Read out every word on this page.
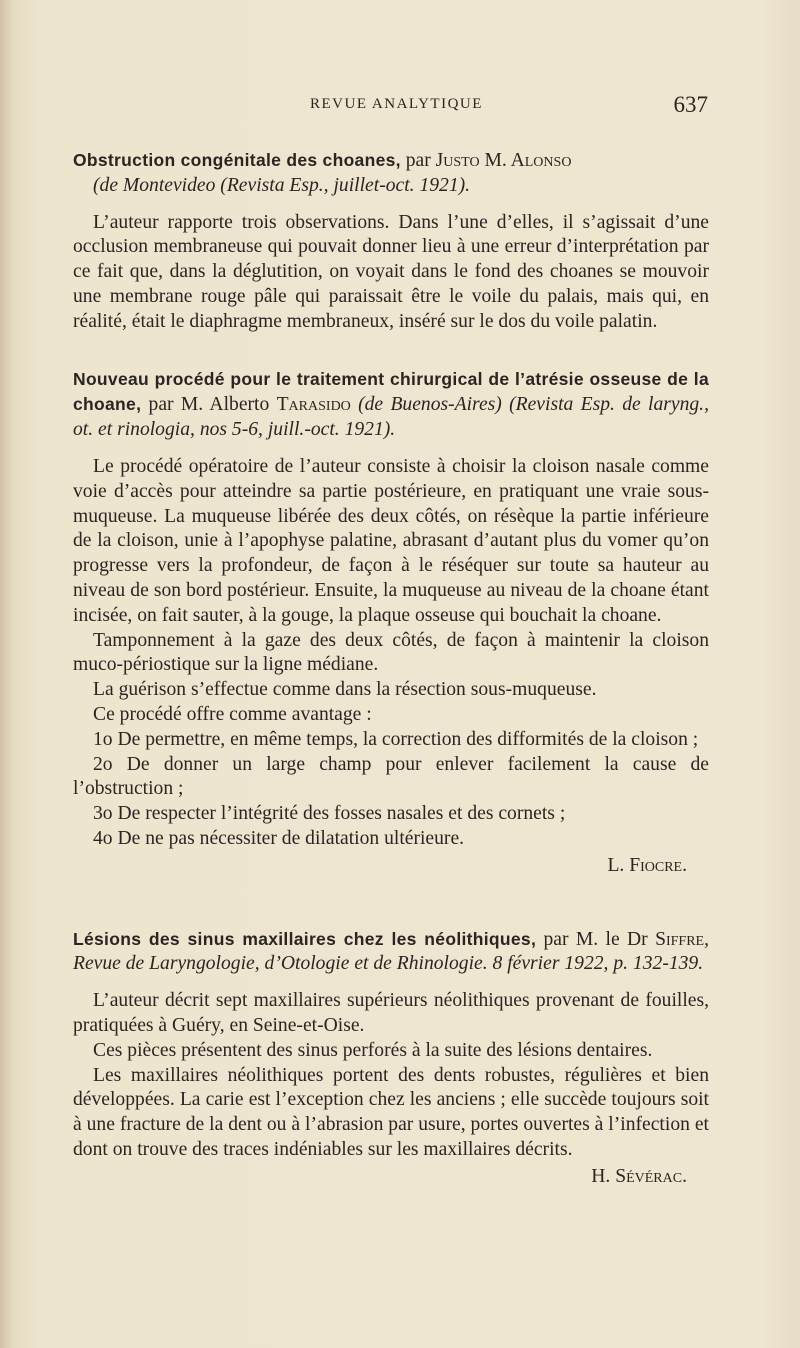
REVUE ANALYTIQUE	637

Obstruction congénitale des choanes, par Justo M. Alonso

(de Montevideo (Revista Esp., juillet-oct. 1921).

L’auteur rapporte trois observations. Dans l’une d’elles, il s’agissait d’une occlusion membraneuse qui pouvait donner lieu à une erreur d’interprétation par ce fait que, dans la déglutition, on voyait dans le fond des choanes se mouvoir une membrane rouge pâle qui paraissait être le voile du palais, mais qui, en réalité, était le diaphragme membraneux, inséré sur le dos du voile palatin.

Nouveau procédé pour le traitement chirurgical de l’atrésie osseuse de la choane, par M. Alberto Tarasido (de Buenos-Aires) (Revista Esp. de laryng., ot. et rinologia, nos 5-6, juill.-oct. 1921).

Le procédé opératoire de l’auteur consiste à choisir la cloison nasale comme voie d’accès pour atteindre sa partie postérieure, en pratiquant une vraie sous-muqueuse. La muqueuse libérée des deux côtés, on résèque la partie inférieure de la cloison, unie à l’apophyse palatine, abrasant d’autant plus du vomer qu’on progresse vers la profondeur, de façon à le réséquer sur toute sa hauteur au niveau de son bord postérieur. Ensuite, la muqueuse au niveau de la choane étant incisée, on fait sauter, à la gouge, la plaque osseuse qui bouchait la choane.

Tamponnement à la gaze des deux côtés, de façon à maintenir la cloison muco-périostique sur la ligne médiane.

La guérison s’effectue comme dans la résection sous-muqueuse.

Ce procédé offre comme avantage :

1o De permettre, en même temps, la correction des difformités de la cloison ;

2o De donner un large champ pour enlever facilement la cause de l’obstruction ;

3o De respecter l’intégrité des fosses nasales et des cornets ;

4o De ne pas nécessiter de dilatation ultérieure.

L. Fiocre.

Lésions des sinus maxillaires chez les néolithiques, par M. le Dr Siffre, Revue de Laryngologie, d’Otologie et de Rhinologie. 8 février 1922, p. 132-139.

L’auteur décrit sept maxillaires supérieurs néolithiques provenant de fouilles, pratiquées à Guéry, en Seine-et-Oise.

Ces pièces présentent des sinus perforés à la suite des lésions dentaires.

Les maxillaires néolithiques portent des dents robustes, régulières et bien développées. La carie est l’exception chez les anciens ; elle succède toujours soit à une fracture de la dent ou à l’abrasion par usure, portes ouvertes à l’infection et dont on trouve des traces indéniables sur les maxillaires décrits.

H. Sévérac.
